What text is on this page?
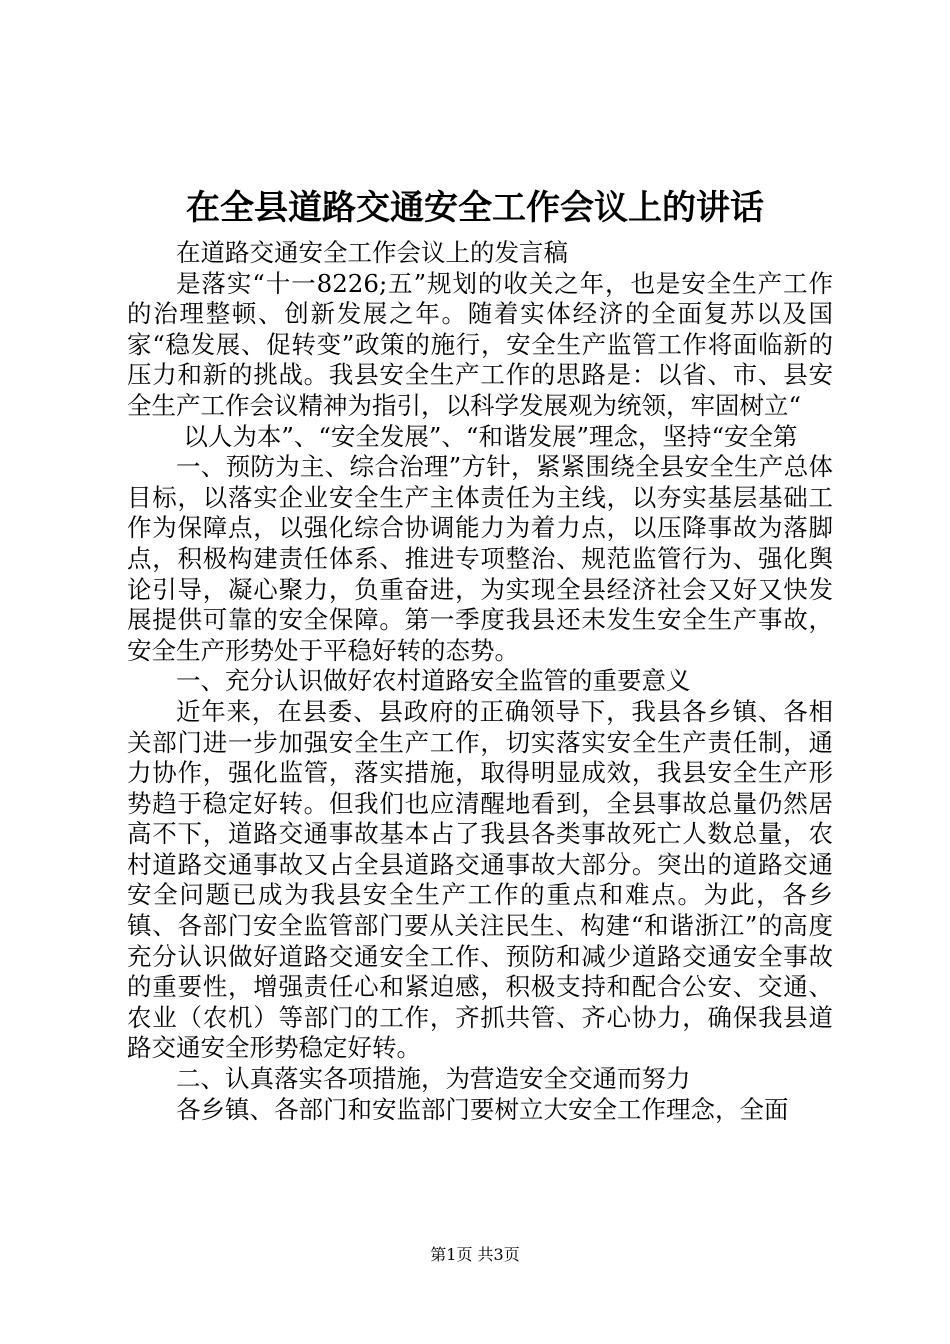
在全县道路交通安全工作会议上的讲话

在道路交通安全工作会议上的发言稿

是落实“十一8226;五”规划的收关之年，也是安全生产工作的治理整顿、创新发展之年。随着实体经济的全面复苏以及国家“稳发展、促转变”政策的施行，安全生产监管工作将面临新的压力和新的挑战。我县安全生产工作的思路是：以省、市、县安全生产工作会议精神为指引，以科学发展观为统领，牢固树立“

以人为本”、“安全发展”、“和谐发展”理念，坚持“安全第

一、预防为主、综合治理”方针，紧紧围绕全县安全生产总体目标，以落实企业安全生产主体责任为主线，以夯实基层基础工作为保障点，以强化综合协调能力为着力点，以压降事故为落脚点，积极构建责任体系、推进专项整治、规范监管行为、强化舆论引导，凝心聚力，负重奋进，为实现全县经济社会又好又快发展提供可靠的安全保障。第一季度我县还未发生安全生产事故，安全生产形势处于平稳好转的态势。

一、充分认识做好农村道路安全监管的重要意义

近年来，在县委、县政府的正确领导下，我县各乡镇、各相关部门进一步加强安全生产工作，切实落实安全生产责任制，通力协作，强化监管，落实措施，取得明显成效，我县安全生产形势趋于稳定好转。但我们也应清醒地看到，全县事故总量仍然居高不下，道路交通事故基本占了我县各类事故死亡人数总量，农村道路交通事故又占全县道路交通事故大部分。突出的道路交通安全问题已成为我县安全生产工作的重点和难点。为此，各乡镇、各部门安全监管部门要从关注民生、构建“和谐浙江”的高度充分认识做好道路交通安全工作、预防和减少道路交通安全事故的重要性，增强责任心和紧迫感，积极支持和配合公安、交通、农业（农机）等部门的工作，齐抓共管、齐心协力，确保我县道路交通安全形势稳定好转。

二、认真落实各项措施，为营造安全交通而努力

各乡镇、各部门和安监部门要树立大安全工作理念，全面

第1页 共3页
